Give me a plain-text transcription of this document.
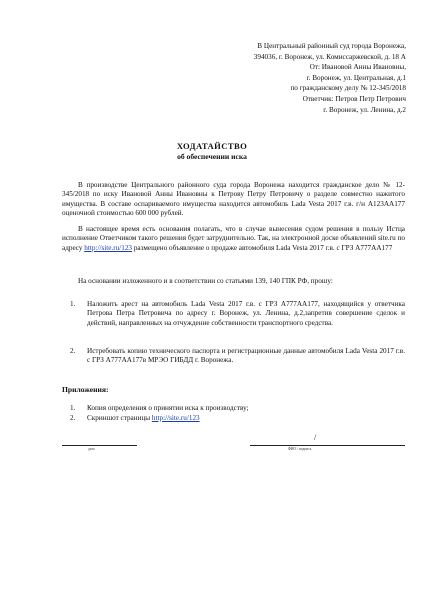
В Центральный районный суд города Воронежа,
394036, г. Воронеж, ул. Комиссаржевской, д. 18 А
От: Ивановой Анны Ивановны,
г. Воронеж, ул. Центральная, д.1
по гражданскому делу № 12-345/2018
Ответчик: Петров Петр Петрович
г. Воронеж, ул. Ленина, д.2
ХОДАТАЙСТВО
об обеспечении иска
В производстве Центрального районного суда города Воронежа находится гражданское дело № 12-345/2018 по иску Ивановой Анны Ивановны к Петрову Петру Петровичу о разделе совместно нажитого имущества. В составе оспариваемого имущества находится автомобиль Lada Vesta 2017 г.в. г/н А123АА177 оценочной стоимостью 600 000 рублей.
В настоящее время есть основания полагать, что в случае вынесения судом решения в пользу Истца исполнение Ответчиком такого решения будет затруднительно. Так, на электронной доске объявлений site.ru по адресу http://site.ru/123 размещено объявление о продаже автомобиля Lada Vesta 2017 г.в. с ГРЗ А777АА177
На основании изложенного и в соответствии со статьями 139, 140 ГПК РФ, прошу:
1.	Наложить арест на автомобиль Lada Vesta 2017 г.в. с ГРЗ А777АА177, находящийся у ответчика Петрова Петра Петровича по адресу г. Воронеж, ул. Ленина, д.2,запретив совершение сделок и действий, направленных на отчуждение собственности транспортного средства.
2.	Истребовать копию технического паспорта и регистрационные данные автомобиля Lada Vesta 2017 г.в. с ГРЗ А777АА177в МРЭО ГИБДД г. Воронежа.
Приложения:
1.	Копия определения о принятии иска к производству;
2.	Скриншот страницы http://site.ru/123
дата
/
ФИО / подпись
